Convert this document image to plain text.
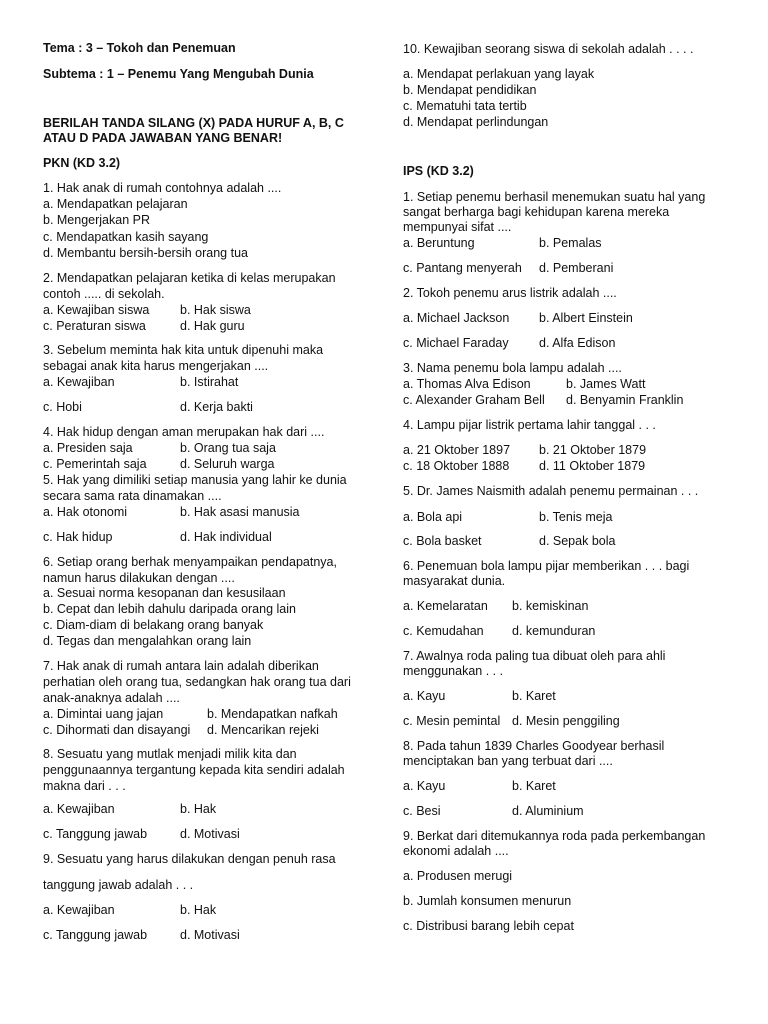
Tema : 3 – Tokoh dan Penemuan
Subtema : 1 – Penemu Yang Mengubah Dunia
BERILAH TANDA SILANG (X) PADA HURUF A, B, C
ATAU D PADA JAWABAN YANG BENAR!
PKN (KD 3.2)
1. Hak anak di rumah contohnya adalah ....
a. Mendapatkan pelajaran
b. Mengerjakan PR
c. Mendapatkan kasih sayang
d. Membantu bersih-bersih orang tua
2. Mendapatkan pelajaran ketika di kelas merupakan
contoh ..... di sekolah.
a. Kewajiban siswa b. Hak siswa
c. Peraturan siswa	d. Hak guru
3. Sebelum meminta hak kita untuk dipenuhi maka
sebagai anak kita harus mengerjakan ....
a. Kewajiban	b. Istirahat
c. Hobi	d. Kerja bakti
4. Hak hidup dengan aman merupakan hak dari ....
a. Presiden saja	b. Orang tua saja
c. Pemerintah saja	d. Seluruh warga
5. Hak yang dimiliki setiap manusia yang lahir ke dunia
secara sama rata dinamakan ....
a. Hak otonomi	b. Hak asasi manusia
c. Hak hidup	d. Hak individual
6. Setiap orang berhak menyampaikan pendapatnya,
namun harus dilakukan dengan ....
a. Sesuai norma kesopanan dan kesusilaan
b. Cepat dan lebih dahulu daripada orang lain
c. Diam-diam di belakang orang banyak
d. Tegas dan mengalahkan orang lain
7. Hak anak di rumah antara lain adalah diberikan
perhatian oleh orang tua, sedangkan hak orang tua dari
anak-anaknya adalah ....
a. Dimintai uang jajan	b. Mendapatkan nafkah
c. Dihormati dan disayangi d. Mencarikan rejeki
8. Sesuatu yang mutlak menjadi milik kita dan
penggunaannya tergantung kepada kita sendiri adalah
makna dari . . .
a. Kewajiban	b. Hak
c. Tanggung jawab	d. Motivasi
9. Sesuatu yang harus dilakukan dengan penuh rasa
tanggung jawab adalah . . .
a. Kewajiban	b. Hak
c. Tanggung jawab	d. Motivasi
10. Kewajiban seorang siswa di sekolah adalah . . . .
a. Mendapat perlakuan yang layak
b. Mendapat pendidikan
c. Mematuhi tata tertib
d. Mendapat perlindungan
IPS (KD 3.2)
1. Setiap penemu berhasil menemukan suatu hal yang
sangat berharga bagi kehidupan karena mereka
mempunyai sifat ....
a. Beruntung	b. Pemalas
c. Pantang menyerah d. Pemberani
2. Tokoh penemu arus listrik adalah ....
a. Michael Jackson b. Albert Einstein
c. Michael Faraday d. Alfa Edison
3. Nama penemu bola lampu adalah ....
a. Thomas Alva Edison	b. James Watt
c. Alexander Graham Bell d. Benyamin Franklin
4. Lampu pijar listrik pertama lahir tanggal . . .
a. 21 Oktober 1897 b. 21 Oktober 1879
c. 18 Oktober 1888 d. 11 Oktober 1879
5. Dr. James Naismith adalah penemu permainan . . .
a. Bola api	b. Tenis meja
c. Bola basket	d. Sepak bola
6. Penemuan bola lampu pijar memberikan . . . bagi
masyarakat dunia.
a. Kemelaratan b. kemiskinan
c. Kemudahan d. kemunduran
7. Awalnya roda paling tua dibuat oleh para ahli
menggunakan . . .
a. Kayu	b. Karet
c. Mesin pemintal d. Mesin penggiling
8. Pada tahun 1839 Charles Goodyear berhasil
menciptakan ban yang terbuat dari ....
a. Kayu	b. Karet
c. Besi	d. Aluminium
9. Berkat dari ditemukannya roda pada perkembangan
ekonomi adalah ....
a. Produsen merugi
b. Jumlah konsumen menurun
c. Distribusi barang lebih cepat
